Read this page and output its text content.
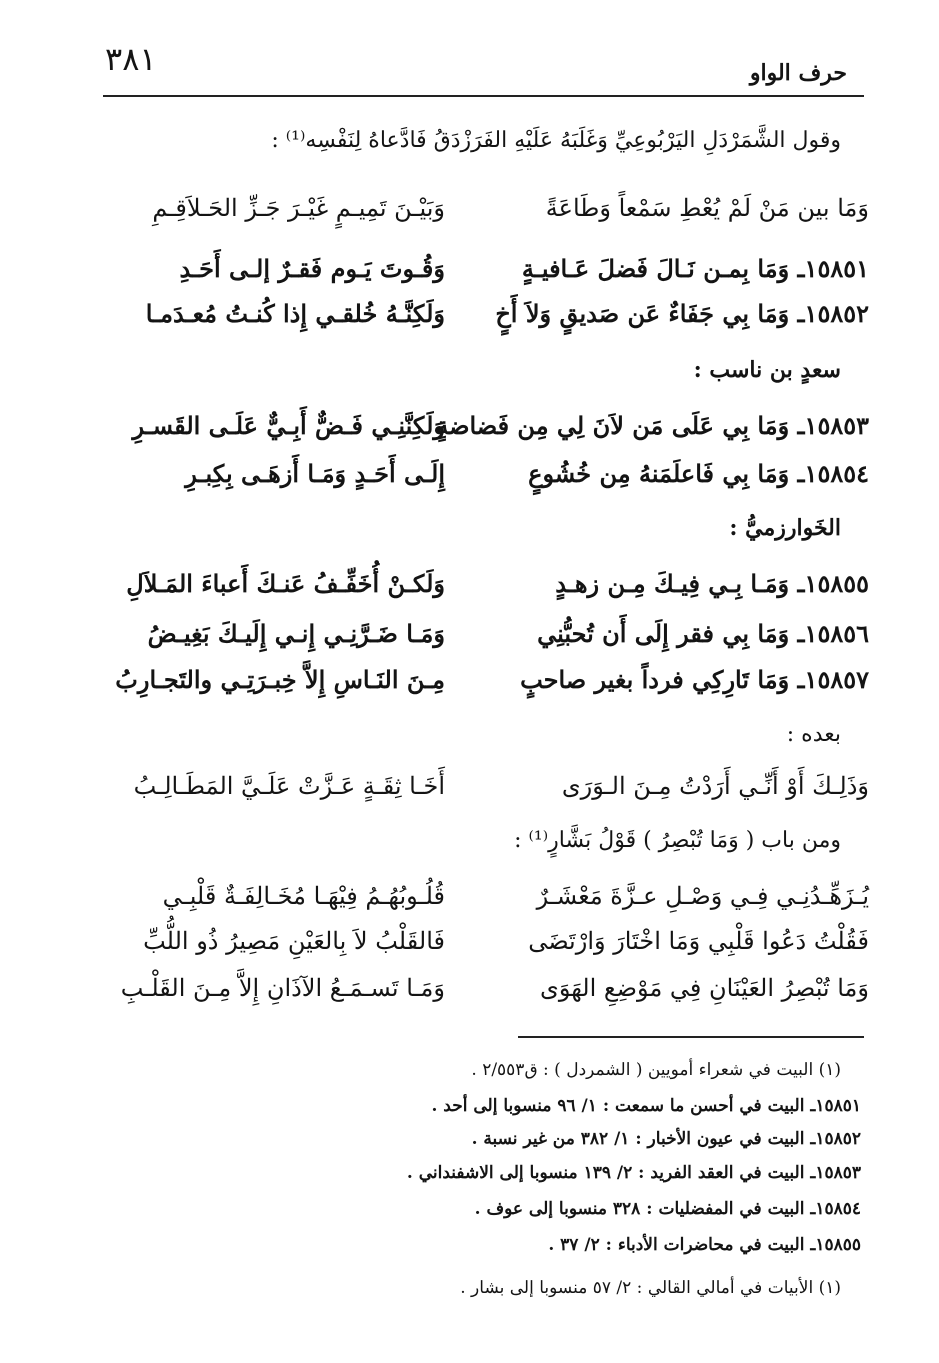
٣٨١	حرف الواو
وقول الشَّمَرْدَلِ اليَرْبُوعِيِّ وَغَلَبَهُ عَلَيْهِ الفَرَزْدَقُ فَادَّعاهُ لِنَفْسِه⁽¹⁾ :
وَمَا بين مَنْ لَمْ يُعْطِ سَمْعاً وَطَاعَةً
وَبَيْـنَ تَمِيـمٍ غَيْـرَ جَـزِّ الحَـلاَقِـمِ
١٥٨٥١ـ وَمَا بِمـن نَـالَ فَضلَ عَـافيـةٍ
وَقُـوتَ يَـوم فَقـرٌ إلـى أَحَـدِ
١٥٨٥٢ـ وَمَا بِي جَفَاءٌ عَن صَديقٍ وَلاَ أَخٍ
وَلَكِنَّـهُ خُلقـي إِذا كُنـتُ مُعـدَمـا
سعدٍ بن ناسب :
١٥٨٥٣ـ وَمَا بِي عَلَى مَن لاَنَ لِي مِن فَضاضةٍ
وَلَكِنَّنِـي فَـضٌّ أَبِـيٌّ عَلَـى القَسـرِ
١٥٨٥٤ـ وَمَا بِي فَاعلَمَنهُ مِن خُشُوعٍ
إِلَـى أَحَـدٍ وَمَـا أَزهَـى بِكِبـرِ
الخَوارزميُّ :
١٥٨٥٥ـ وَمَـا بِـي فِيـكَ مِـن زهـدٍ
وَلَكـنْ أُخَفِّـفُ عَنـكَ أَعباءَ المَـلاَلِ
١٥٨٥٦ـ وَمَا بِي فقر إِلَى أَن تُحبُّنِي
وَمَـا ضَـرَّنِـي إِنـي إِلَيـكَ بَغِيـضُ
١٥٨٥٧ـ وَمَا تَارِكِي فرداً بغير صاحبٍ
مِـنَ النَـاسِ إِلاَّ خِبـرَتِـي والتَجـارِبُ
بعده :
وَذَلِـكَ أَوْ أَنِّـي أَرَدْتُ مِـنَ الـوَرَى
أَخَـا ثِقَـةٍ عَـزَّتْ عَلَـيَّ المَطَـالِـبُ
ومن باب ( وَمَا تُبْصِرُ ) قَوْلُ بَشَّارٍ⁽¹⁾ :
يُـزَهِّـدُنِـي فِـي وَصْـلِ عـزَّةَ مَعْشَـرٌ
قُلُـوبُهُـمُ فِيْهَـا مُخَـالِفَـةٌ قَلْبِـي
فَقُلْتُ دَعُوا قَلْبِي وَمَا اخْتَارَ وَارْتَضَى
فَالقَلْبُ لاَ بِالعَيْنِ مَصِيرُ ذُو اللُّبِّ
وَمَا تُبْصِرُ العَيْنَانِ فِي مَوْضِعِ الهَوَى
وَمَـا تَسـمَـعُ الآذَانِ إِلاَّ مِـنَ القَلْـبِ
(١) البيت في شعراء أمويين ( الشمردل ) : ق٢/٥٥٣ .
١٥٨٥١ـ البيت في أحسن ما سمعت : ١/ ٩٦ منسوبا إلى أحد .
١٥٨٥٢ـ البيت في عيون الأخبار : ١/ ٣٨٢ من غير نسبة .
١٥٨٥٣ـ البيت في العقد الفريد : ٢/ ١٣٩ منسوبا إلى الاشفنداني .
١٥٨٥٤ـ البيت في المفضليات : ٣٢٨ منسوبا إلى عوف .
١٥٨٥٥ـ البيت في محاضرات الأدباء : ٢/ ٣٧ .
(١) الأبيات في أمالي القالي : ٢/ ٥٧ منسوبا إلى بشار .
